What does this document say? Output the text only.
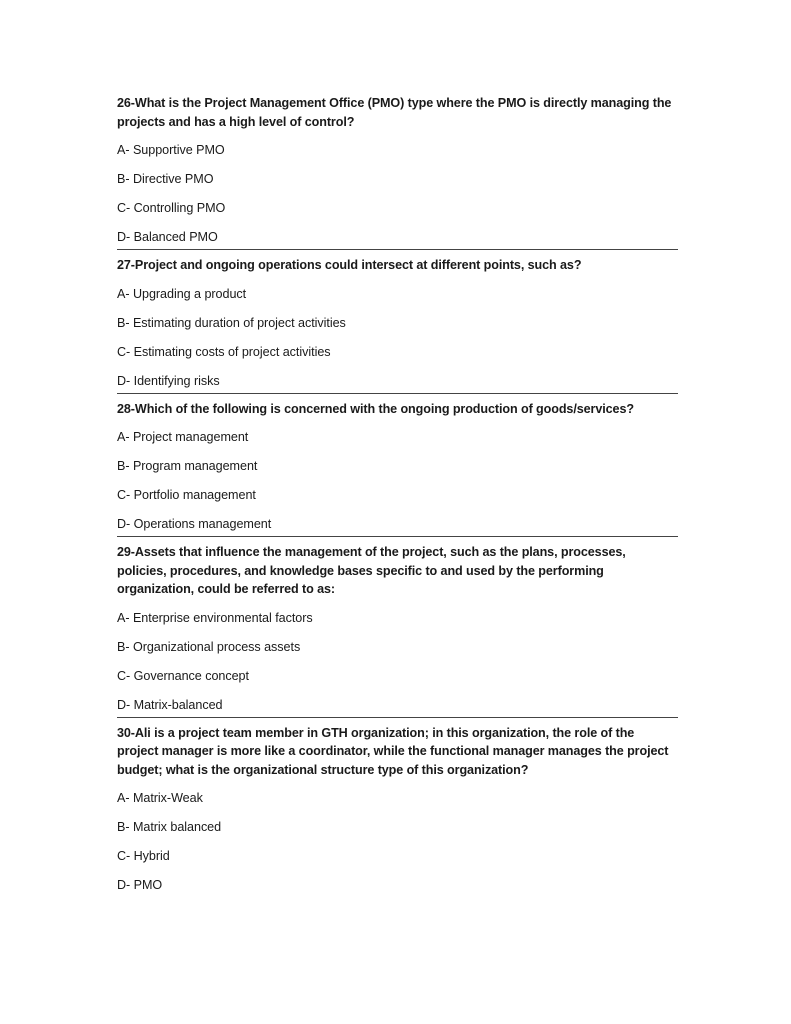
26-What is the Project Management Office (PMO) type where the PMO is directly managing the projects and has a high level of control?

A- Supportive PMO
B- Directive PMO
C- Controlling PMO
D- Balanced PMO

27-Project and ongoing operations could intersect at different points, such as?

A- Upgrading a product
B- Estimating duration of project activities
C- Estimating costs of project activities
D- Identifying risks

28-Which of the following is concerned with the ongoing production of goods/services?

A- Project management
B- Program management
C- Portfolio management
D- Operations management

29-Assets that influence the management of the project, such as the plans, processes, policies, procedures, and knowledge bases specific to and used by the performing organization, could be referred to as:

A- Enterprise environmental factors
B- Organizational process assets
C- Governance concept
D- Matrix-balanced

30-Ali is a project team member in GTH organization; in this organization, the role of the project manager is more like a coordinator, while the functional manager manages the project budget; what is the organizational structure type of this organization?

A- Matrix-Weak
B- Matrix balanced
C- Hybrid
D- PMO
